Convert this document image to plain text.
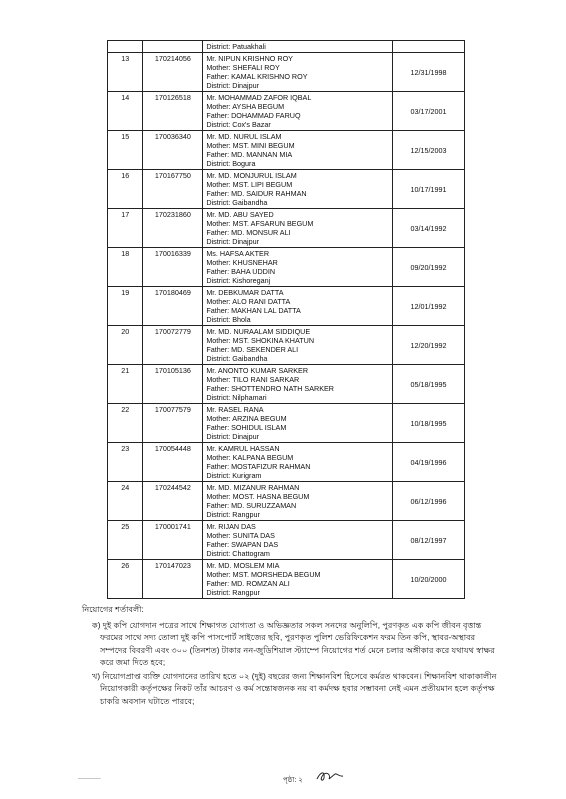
		District: Patuakhali	

13	170214056	Mr. NIPUN KRISHNO ROY
Mother: SHEFALI ROY
Father: KAMAL KRISHNO ROY
District: Dinajpur	12/31/1998
14	170126518	Mr. MOHAMMAD ZAFOR IQBAL
Mother: AYSHA BEGUM
Father: DOHAMMAD FARUQ
District: Cox's Bazar	03/17/2001
15	170036340	Mr. MD. NURUL ISLAM
Mother: MST. MINI BEGUM
Father: MD. MANNAN MIA
District: Bogura	12/15/2003
16	170167750	Mr. MD. MONJURUL ISLAM
Mother: MST. LIPI BEGUM
Father: MD. SAIDUR RAHMAN
District: Gaibandha	10/17/1991
17	170231860	Mr. MD. ABU SAYED
Mother: MST. AFSARUN BEGUM
Father: MD. MONSUR ALI
District: Dinajpur	03/14/1992
18	170016339	Ms. HAFSA AKTER
Mother: KHUSNEHAR
Father: BAHA UDDIN
District: Kishoreganj	09/20/1992
19	170180469	Mr. DEBKUMAR DATTA
Mother: ALO RANI DATTA
Father: MAKHAN LAL DATTA
District: Bhola	12/01/1992
20	170072779	Mr. MD. NURAALAM SIDDIQUE
Mother: MST. SHOKINA KHATUN
Father: MD. SEKENDER ALI
District: Gaibandha	12/20/1992
21	170105136	Mr. ANONTO KUMAR SARKER
Mother: TILO RANI SARKAR
Father: SHOTTENDRO NATH SARKER
District: Nilphamari	05/18/1995
22	170077579	Mr. RASEL RANA
Mother: ARZINA BEGUM
Father: SOHIDUL ISLAM
District: Dinajpur	10/18/1995
23	170054448	Mr. KAMRUL HASSAN
Mother: KALPANA BEGUM
Father: MOSTAFIZUR RAHMAN
District: Kurigram	04/19/1996
24	170244542	Mr. MD. MIZANUR RAHMAN
Mother: MOST. HASNA BEGUM
Father: MD. SURUZZAMAN
District: Rangpur	06/12/1996
25	170001741	Mr. RIJAN DAS
Mother: SUNITA DAS
Father: SWAPAN DAS
District: Chattogram	08/12/1997
26	170147023	Mr. MD. MOSLEM MIA
Mother: MST. MORSHEDA BEGUM
Father: MD. ROMZAN ALI
District: Rangpur	10/20/2000
নিয়োগের শর্তাবলী:
ক) দুই কপি যোগদান পত্রের সাথে শিক্ষাগত যোগ্যতা ও অভিজ্ঞতার সকল সনদের অনুলিপি, পুরণকৃত এক কপি জীবন বৃত্তান্ত ফরমের সাথে সদ্য তোলা দুই কপি পাসপোর্ট সাইজের ছবি, পুরণকৃত পুলিশ ভেরিফিকেশন ফরম তিন কপি, স্থাবর-অস্থাবর সম্পদের বিবরণী এবং ৩০০ (তিনশত) টাকার নন-জুডিশিয়াল স্ট্যাম্পে নিয়োগের শর্ত মেনে চলার অঙ্গীকার করে যথাযথ স্বাক্ষর করে জমা দিতে হবে;
খ) নিয়োগপ্রাপ্ত ব্যক্তি যোগদানের তারিখ হতে ০২ (দুই) বছরের জন্য শিক্ষানবিশ হিসেবে কর্মরত থাকবেন। শিক্ষানবিশ থাকাকালীন নিয়োগকারী কর্তৃপক্ষের নিকট তাঁর আচরণ ও কর্ম সন্তোষজনক নয় বা কর্মদক্ষ হবার সম্ভাবনা নেই এমন প্রতীয়মান হলে কর্তৃপক্ষ চাকরি অবসান ঘটাতে পারবে;
────────	পৃষ্ঠা: ২
